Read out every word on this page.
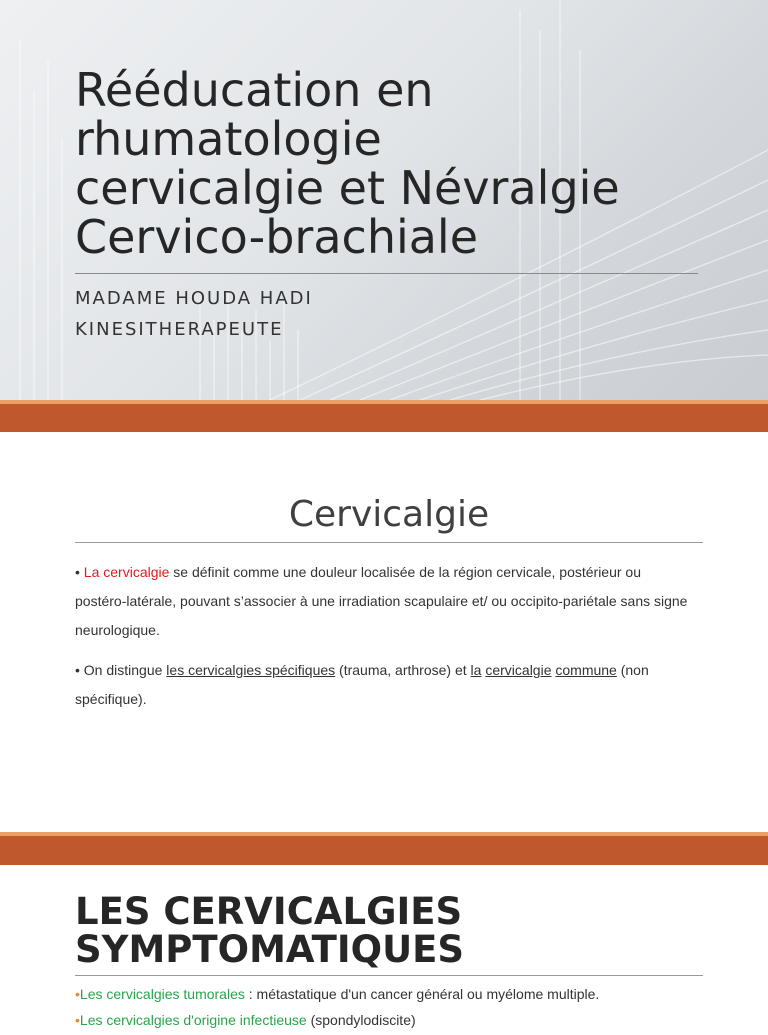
Rééducation en
rhumatologie
cervicalgie et Névralgie
Cervico-brachiale
MADAME HOUDA HADI
KINESITHERAPEUTE
Cervicalgie
• La cervicalgie se définit comme une douleur localisée de la région cervicale, postérieur ou postéro-latérale, pouvant s’associer à une irradiation scapulaire et/ ou occipito-pariétale sans signe neurologique.
• On distingue les cervicalgies spécifiques (trauma, arthrose) et la cervicalgie commune (non spécifique).
LES CERVICALGIES
SYMPTOMATIQUES
•Les cervicalgies tumorales : métastatique d'un cancer général ou myélome multiple.
•Les cervicalgies d'origine infectieuse (spondylodiscite)
